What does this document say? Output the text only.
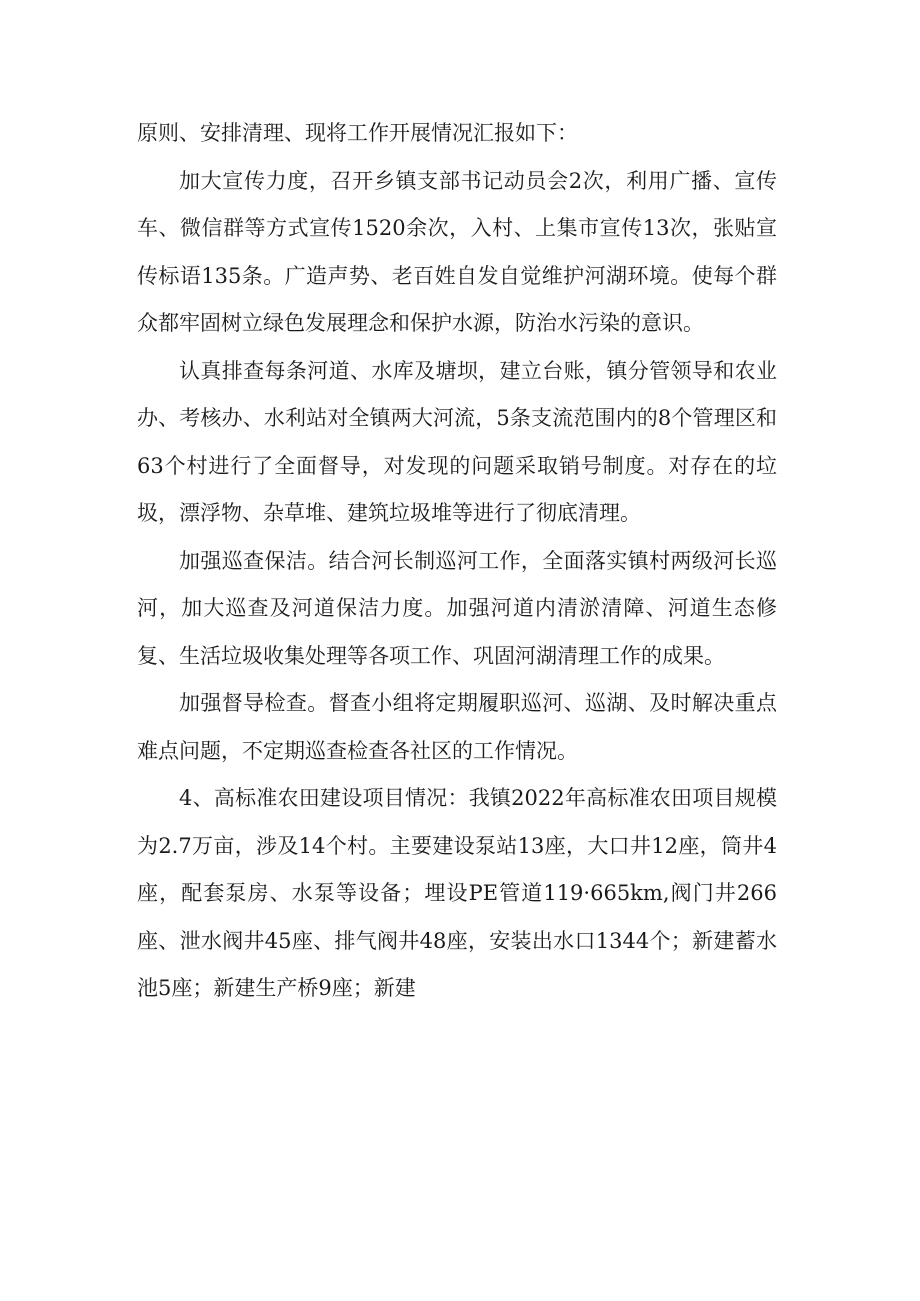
原则、安排清理、现将工作开展情况汇报如下：

加大宣传力度，召开乡镇支部书记动员会2次，利用广播、宣传车、微信群等方式宣传1520余次，入村、上集市宣传13次，张贴宣传标语135条。广造声势、老百姓自发自觉维护河湖环境。使每个群众都牢固树立绿色发展理念和保护水源，防治水污染的意识。

认真排查每条河道、水库及塘坝，建立台账，镇分管领导和农业办、考核办、水利站对全镇两大河流，5条支流范围内的8个管理区和63个村进行了全面督导，对发现的问题采取销号制度。对存在的垃圾，漂浮物、杂草堆、建筑垃圾堆等进行了彻底清理。

加强巡查保洁。结合河长制巡河工作，全面落实镇村两级河长巡河，加大巡查及河道保洁力度。加强河道内清淤清障、河道生态修复、生活垃圾收集处理等各项工作、巩固河湖清理工作的成果。

加强督导检查。督查小组将定期履职巡河、巡湖、及时解决重点难点问题，不定期巡查检查各社区的工作情况。

4、高标准农田建设项目情况：我镇2022年高标准农田项目规模为2.7万亩，涉及14个村。主要建设泵站13座，大口井12座，筒井4座，配套泵房、水泵等设备；埋设PE管道119·665km,阀门井266座、泄水阀井45座、排气阀井48座，安装出水口1344个；新建蓄水池5座；新建生产桥9座；新建
